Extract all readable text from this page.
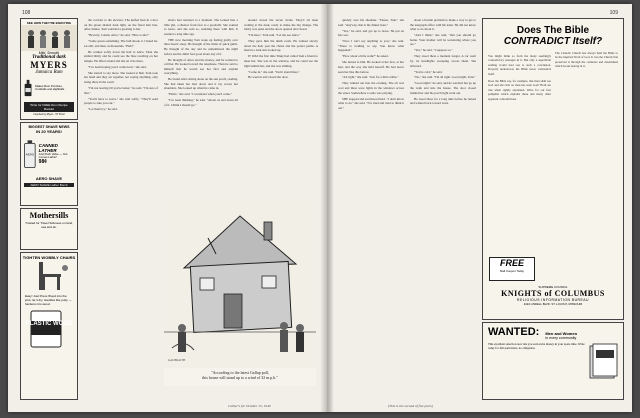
108
SEE HOW THEY'RE ENJOYING
Mild, Smooth
Traditional dark
MYERS
Jamaica Rum
Makes Rum Punches, Cocktails and Highballs
Write for FREE Rum Recipe Booklet
Imported by Myers · 97 Proof
BIGGEST SHAVE NEWS
IN 20 YEARS!
AERO
CANNED LATHER
Just Push Valve — Out Comes Lather!
98¢
AERO SHAVE
AERO SHAVE Lather Bomb
Mothersills
Trusted for Travel Sickness on land, sea and air.
TIGHTEN WOBBLY CHAIRS
Easy! Just Press Wood into the joint, let it dry. Handles like putty — hardens into wood.
PLASTIC WOOD

the corridor to the elevator. The knifed haul in a nice on the green shaded desk light, on the floral hair line. After dinner, Tom wobbled a greeting to her.

"Bravely, Colum, Alice," he said, "How is she?"

"Some green something. The bull shook it. I hated he. sat still, and then, as thousands, "Hah!"

He walked softly down the hall to Alice. Then she smiled thinly and he could see the blue swelling on her temple. He lifted a hand and she let it lie there.

"I've been hoping you'd come back," she said.

She started to say more. She looked at him. Tom took her hand and they sat together, not saying anything, only being there in the room.

"I'm not leaving till you're better," he said. "I'm sure of that."

"You'll have to leave," she said softly. "They'll send people to take you out."

"Let them try," he said.

shorts had returned to a moment. She looked like a little girl, a shadow from face to a goodwill. She wanted to leave, and she said so, standing there with him. It seemed a long time ago.

THE new morning Tom woke up feeling guilty over three hours' sleep. He thought of the chain of quick guilts. He thought of the day and he remembered the night before and he didn't feel good about any of it.

He thought of Alice and the money, and he wanted to call her. He looked toward the telephone. Then he said to himself that he would see her first and explain everything.

He found Alice sitting alone on the sun porch, reading. She had taken her hair down and it lay across her shoulders. She looked up when he came in.

"Hello," she said. "I wondered when you'd come."

"I've been thinking," he said. "About us and about all of it. I think I should go."

around closed the seven clerks. They'd all been waiting at the desk, ready to make the big change. The lobby was quiet and the doors opened and closed.

"I'm here," Tom said. "Let me see Alice."

They gave him the ninth room. He walked slowly down the hall, past the chairs and the potted palms. A man in a dark suit looked up.

IT WAS the first time Tinky had called Tom a friend to meet her. She was in the window, and he could see the light behind her, and she was smiling.

"Come in," she said. "Don't stand there."

He went in and closed the door.

GALBRAITH
"According to the latest Gallup poll,
this house will stand up to a wind of 32 m.p.h."
Collier's for October 15, 1949
109

quickly over his shoulder. "Please, Tom," she said. "Anyway, that is the dinner hour."

"Yes," he said, and got up to leave. He put on his coat.

"Now I can't say anything to you," she said. "There is nothing to say. You know what happened."

"How about a little walk?" he asked.

She turned to him. He looked at her face, at her hair, and the way she held herself. He had never seen her like this before.

"All right," she said. "Just for a little while."

They walked out into the evening. The air was cool and there were lights in the windows across the street. Somewhere a radio was playing.

SHE stopped and swallowed hard. "I don't know what to do," she said. "I've tried and tried to think it out."

about a hostile problem to make a way to get to the telegraph office with his letter. He did not know what to do about it.

"And I think," she said, "that you should go home. Your mother will be wondering where you are."

"Yes," he said. "I suppose so."

They stood there a moment longer. A car went by, its headlights sweeping across them. She shivered.

"You're cold," he said.

"No," she said. "I'm all right. Good night, Tom."

"Good night," he said, and he watched her go up the walk and into the house. The door closed behind her and the porch light went out.

He stood there for a long time before he turned and walked back toward town.

(This is the second of five parts)
Does The Bible
CONTRADICT Itself?

You might think so from the many seemingly contradictory passages in it. But only a superficial reading would lead one to such a conclusion. Properly understood, the Bible never contradicts itself.

Does the Bible say, for example, that men shall see God and also that no man has seen God? Both are true when rightly explained. Write for our free pamphlet which explains these and many other apparent contradictions.

The Catholic Church has always held the Bible to be the inspired Word of God. It was the Church that preserved it through the centuries and determined which books belong in it.

FREE
Mail Coupon Today
SUPREME COUNCIL
KNIGHTS of COLUMBUS
RELIGIOUS INFORMATION BUREAU
4422 LINDELL BLVD. ST. LOUIS 8, MISSOURI
WANTED: Men and Women
in every community
This excellent selection now lets you earn extra money in your spare time. Write today for full particulars, no obligation.
